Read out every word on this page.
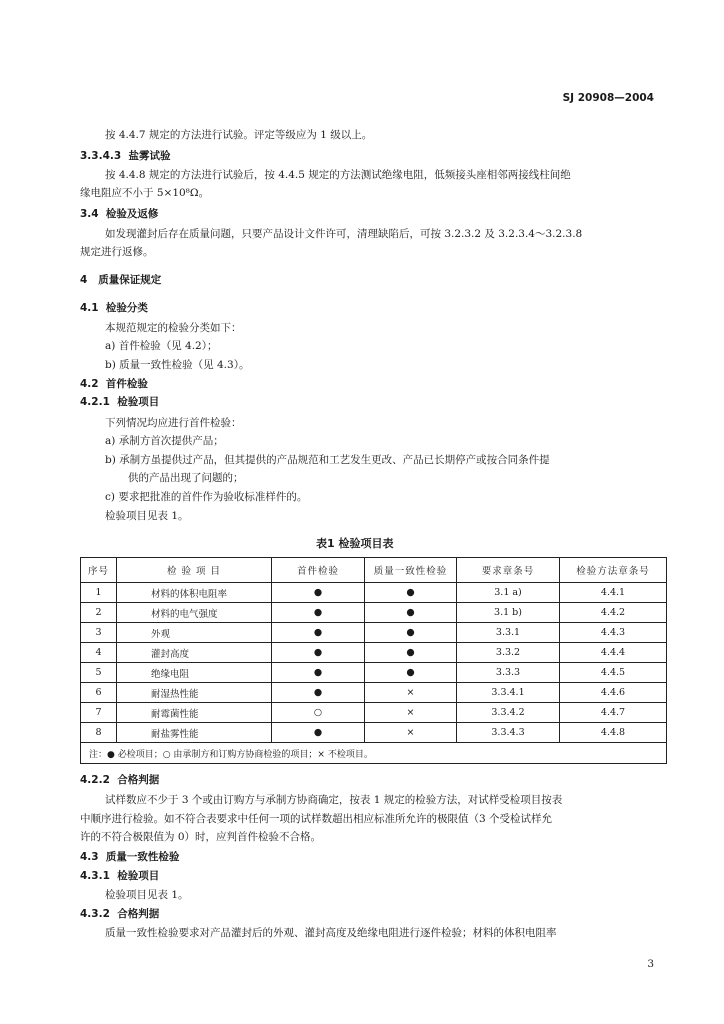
SJ 20908—2004
按 4.4.7 规定的方法进行试验。评定等级应为 1 级以上。
3.3.4.3 盐雾试验
按 4.4.8 规定的方法进行试验后，按 4.4.5 规定的方法测试绝缘电阻，低频接头座相邻两接线柱间绝
缘电阻应不小于 5×10⁸Ω。
3.4 检验及返修
如发现灌封后存在质量问题，只要产品设计文件许可，清理缺陷后，可按 3.2.3.2 及 3.2.3.4～3.2.3.8
规定进行返修。
4 质量保证规定
4.1 检验分类
本规范规定的检验分类如下：
a) 首件检验（见 4.2）；
b) 质量一致性检验（见 4.3）。
4.2 首件检验
4.2.1 检验项目
下列情况均应进行首件检验：
a) 承制方首次提供产品；
b) 承制方虽提供过产品，但其提供的产品规范和工艺发生更改、产品已长期停产或按合同条件提
供的产品出现了问题的；
c) 要求把批准的首件作为验收标准样件的。
检验项目见表 1。
表1 检验项目表
序号	检 验 项 目	首件检验	质量一致性检验	要求章条号	检验方法章条号
1	材料的体积电阻率	●	●	3.1 a)	4.4.1
2	材料的电气强度	●	●	3.1 b)	4.4.2
3	外观	●	●	3.3.1	4.4.3
4	灌封高度	●	●	3.3.2	4.4.4
5	绝缘电阻	●	●	3.3.3	4.4.5
6	耐湿热性能	●	×	3.3.4.1	4.4.6
7	耐霉菌性能	○	×	3.3.4.2	4.4.7
8	耐盐雾性能	●	×	3.3.4.3	4.4.8
注：● 必检项目；○ 由承制方和订购方协商检验的项目；× 不检项目。					
4.2.2 合格判据
试样数应不少于 3 个或由订购方与承制方协商确定，按表 1 规定的检验方法，对试样受检项目按表
中顺序进行检验。如不符合表要求中任何一项的试样数超出相应标准所允许的极限值（3 个受检试样允
许的不符合极限值为 0）时，应判首件检验不合格。
4.3 质量一致性检验
4.3.1 检验项目
检验项目见表 1。
4.3.2 合格判据
质量一致性检验要求对产品灌封后的外观、灌封高度及绝缘电阻进行逐件检验；材料的体积电阻率
3
